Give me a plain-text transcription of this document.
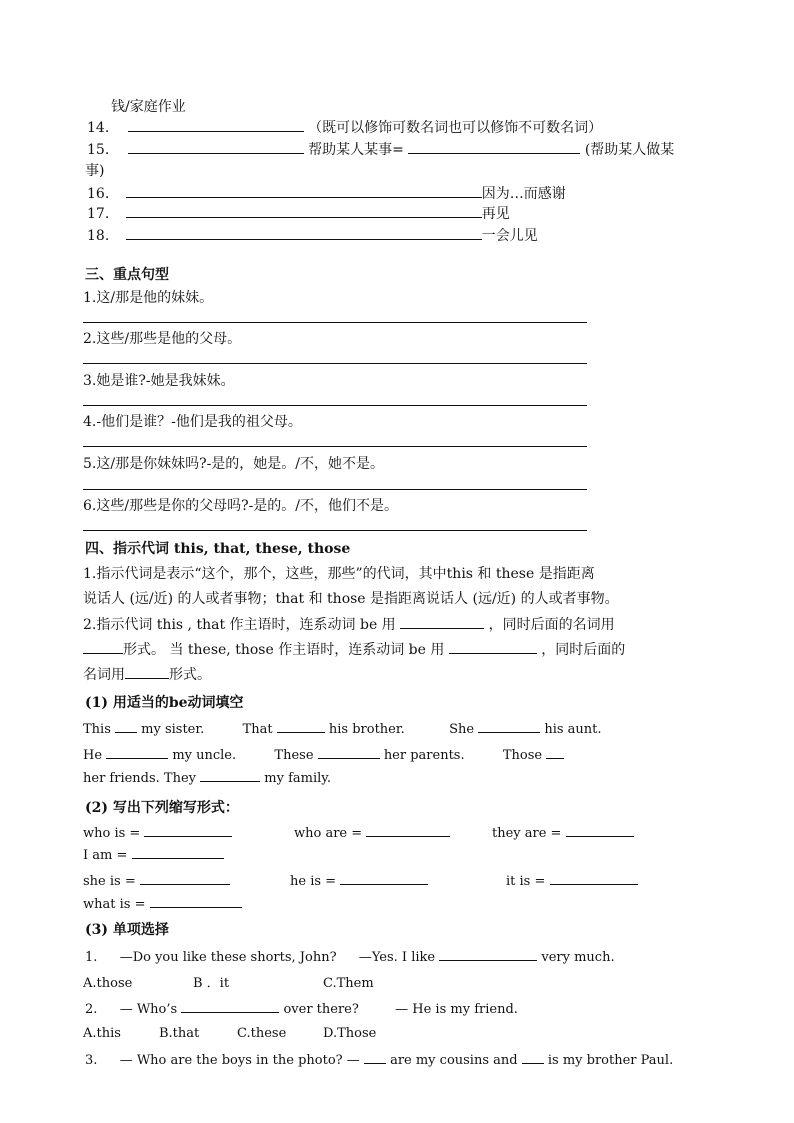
钱/家庭作业
14.	（既可以修饰可数名词也可以修饰不可数名词）
15.	帮助某人某事=	(帮助某人做某
事)
16.	因为…而感谢
17.	再见
18.	一会儿见
三、重点句型
1.这/那是他的妹妹。
2.这些/那些是他的父母。
3.她是谁?-她是我妹妹。
4.-他们是谁？-他们是我的祖父母。
5.这/那是你妹妹吗?-是的，她是。/不，她不是。
6.这些/那些是你的父母吗?-是的。/不，他们不是。
四、指示代词 this, that, these, those
1.指示代词是表示“这个，那个，这些，那些”的代词，其中this 和 these 是指距离
说话人 (远/近) 的人或者事物；that 和 those 是指距离说话人 (远/近) 的人或者事物。
2.指示代词 this , that 作主语时，连系动词 be 用	，同时后面的名词用
形式。 当 these, those 作主语时，连系动词 be 用	，同时后面的
名词用	形式。
(1) 用适当的be动词填空
This my sister.	That	his brother.	She	his aunt.
He	my uncle.	These	her parents.	Those
her friends. They	my family.
(2) 写出下列缩写形式：
who is =	who are =	they are =
I am =
she is =	he is =	it is =
what is =
(3) 单项选择
1. —Do you like these shorts, John? —Yes. I like	very much.
A.those	B ．it	C.Them
2. — Who’s	over there?	— He is my friend.
A.this	B.that	C.these	D.Those
3. — Who are the boys in the photo? — are my cousins and is my brother Paul.
